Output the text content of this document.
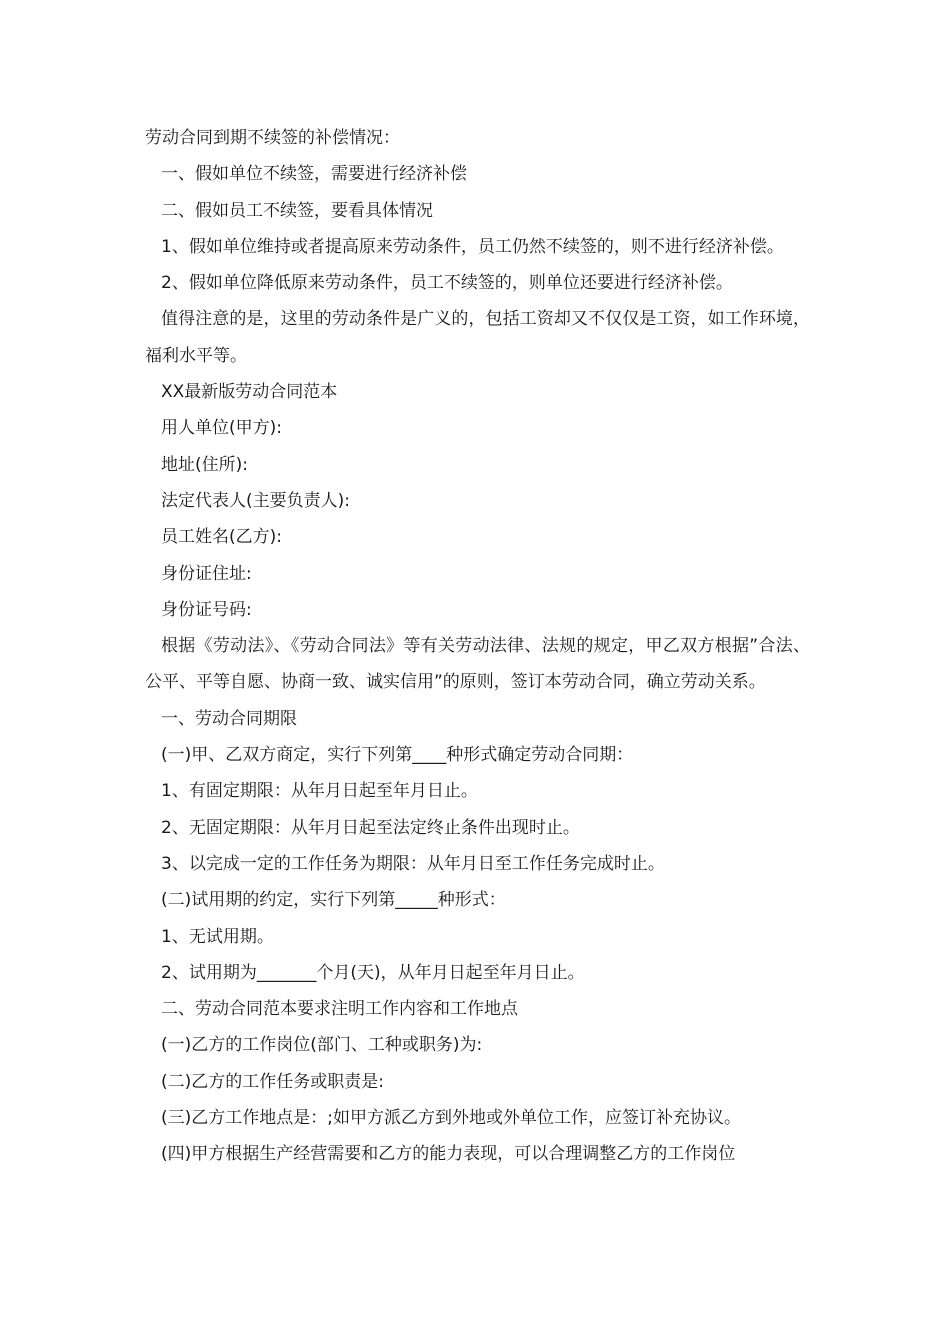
劳动合同到期不续签的补偿情况：

一、假如单位不续签，需要进行经济补偿

二、假如员工不续签，要看具体情况

1、假如单位维持或者提高原来劳动条件，员工仍然不续签的，则不进行经济补偿。

2、假如单位降低原来劳动条件，员工不续签的，则单位还要进行经济补偿。

值得注意的是，这里的劳动条件是广义的，包括工资却又不仅仅是工资，如工作环境，福利水平等。

XX最新版劳动合同范本

用人单位(甲方):

地址(住所):

法定代表人(主要负责人):

员工姓名(乙方):

身份证住址:

身份证号码:

根据《劳动法》、《劳动合同法》等有关劳动法律、法规的规定，甲乙双方根据”合法、公平、平等自愿、协商一致、诚实信用”的原则，签订本劳动合同，确立劳动关系。

一、劳动合同期限

(一)甲、乙双方商定，实行下列第____种形式确定劳动合同期：

1、有固定期限：从年月日起至年月日止。

2、无固定期限：从年月日起至法定终止条件出现时止。

3、以完成一定的工作任务为期限：从年月日至工作任务完成时止。

(二)试用期的约定，实行下列第_____种形式：

1、无试用期。

2、试用期为_______个月(天)，从年月日起至年月日止。

二、劳动合同范本要求注明工作内容和工作地点

(一)乙方的工作岗位(部门、工种或职务)为:

(二)乙方的工作任务或职责是:

(三)乙方工作地点是：;如甲方派乙方到外地或外单位工作，应签订补充协议。

(四)甲方根据生产经营需要和乙方的能力表现，可以合理调整乙方的工作岗位
